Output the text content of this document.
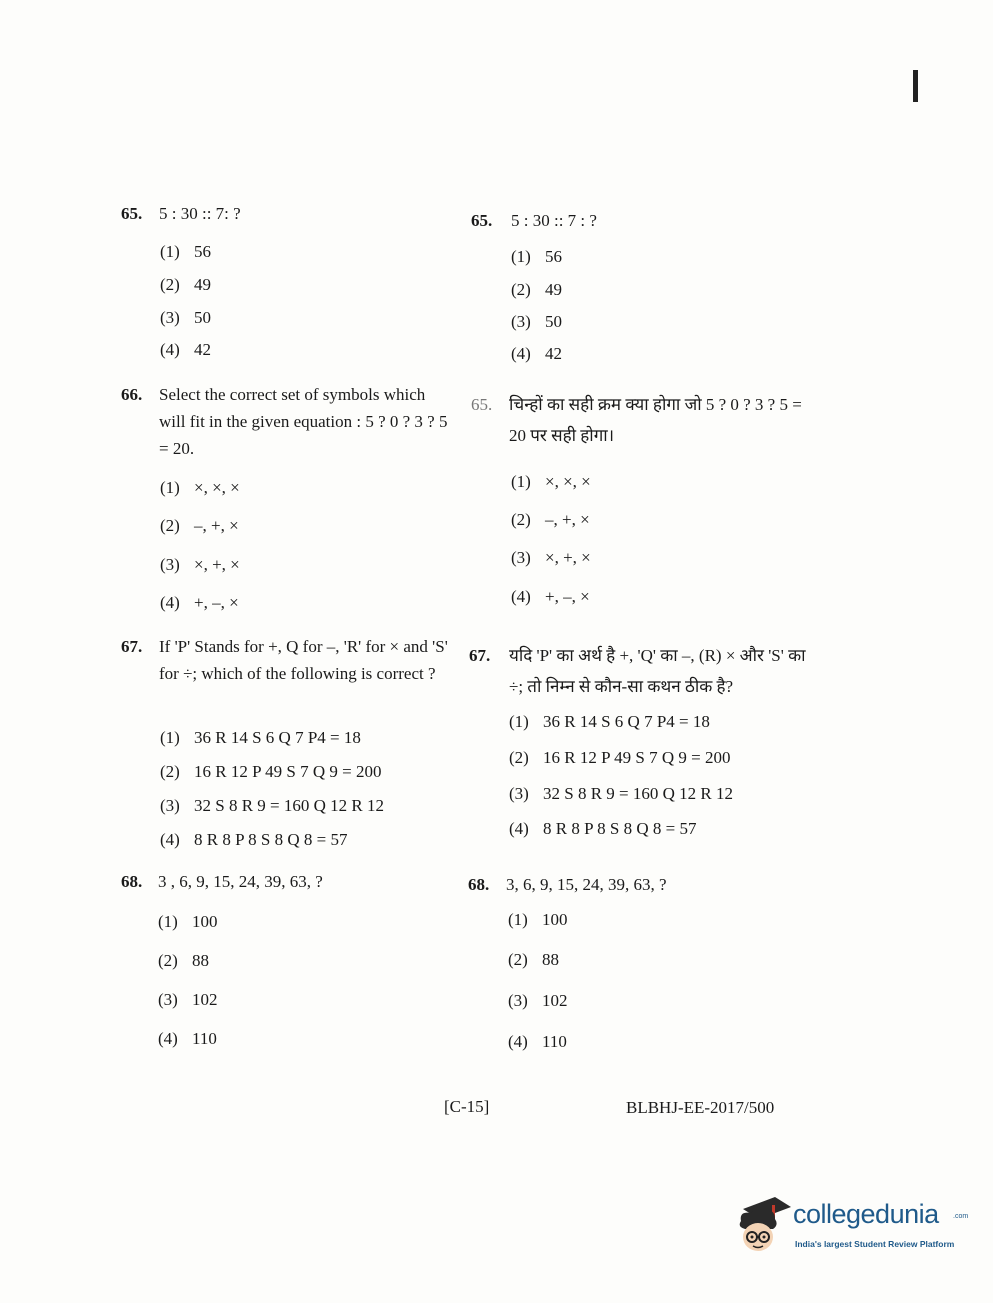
65. 5 : 30 :: 7: ?
(1) 56
(2) 49
(3) 50
(4) 42
66. Select the correct set of symbols which will fit in the given equation : 5 ? 0 ? 3 ? 5 = 20.
(1) ×, ×, ×
(2) –, +, ×
(3) ×, +, ×
(4) +, –, ×
67. If 'P' Stands for +, Q for –, 'R' for × and 'S' for ÷; which of the following is correct ?
(1) 36 R 14 S 6 Q 7 P4 = 18
(2) 16 R 12 P 49 S 7 Q 9 = 200
(3) 32 S 8 R 9 = 160 Q 12 R 12
(4) 8 R 8 P 8 S 8 Q 8 = 57
68. 3 , 6, 9, 15, 24, 39, 63, ?
(1) 100
(2) 88
(3) 102
(4) 110
65. 5 : 30 :: 7 : ?
(1) 56
(2) 49
(3) 50
(4) 42
65. चिन्हों का सही क्रम क्या होगा जो 5 ? 0 ? 3 ? 5 = 20 पर सही होगा।
(1) ×, ×, ×
(2) –, +, ×
(3) ×, +, ×
(4) +, –, ×
67. यदि 'P' का अर्थ है +, 'Q' का –, (R) × और 'S' का ÷; तो निम्न से कौन-सा कथन ठीक है?
(1) 36 R 14 S 6 Q 7 P4 = 18
(2) 16 R 12 P 49 S 7 Q 9 = 200
(3) 32 S 8 R 9 = 160 Q 12 R 12
(4) 8 R 8 P 8 S 8 Q 8 = 57
68. 3, 6, 9, 15, 24, 39, 63, ?
(1) 100
(2) 88
(3) 102
(4) 110
[C-15]	BLBHJ-EE-2017/500
collegedunia .com
India's largest Student Review Platform
